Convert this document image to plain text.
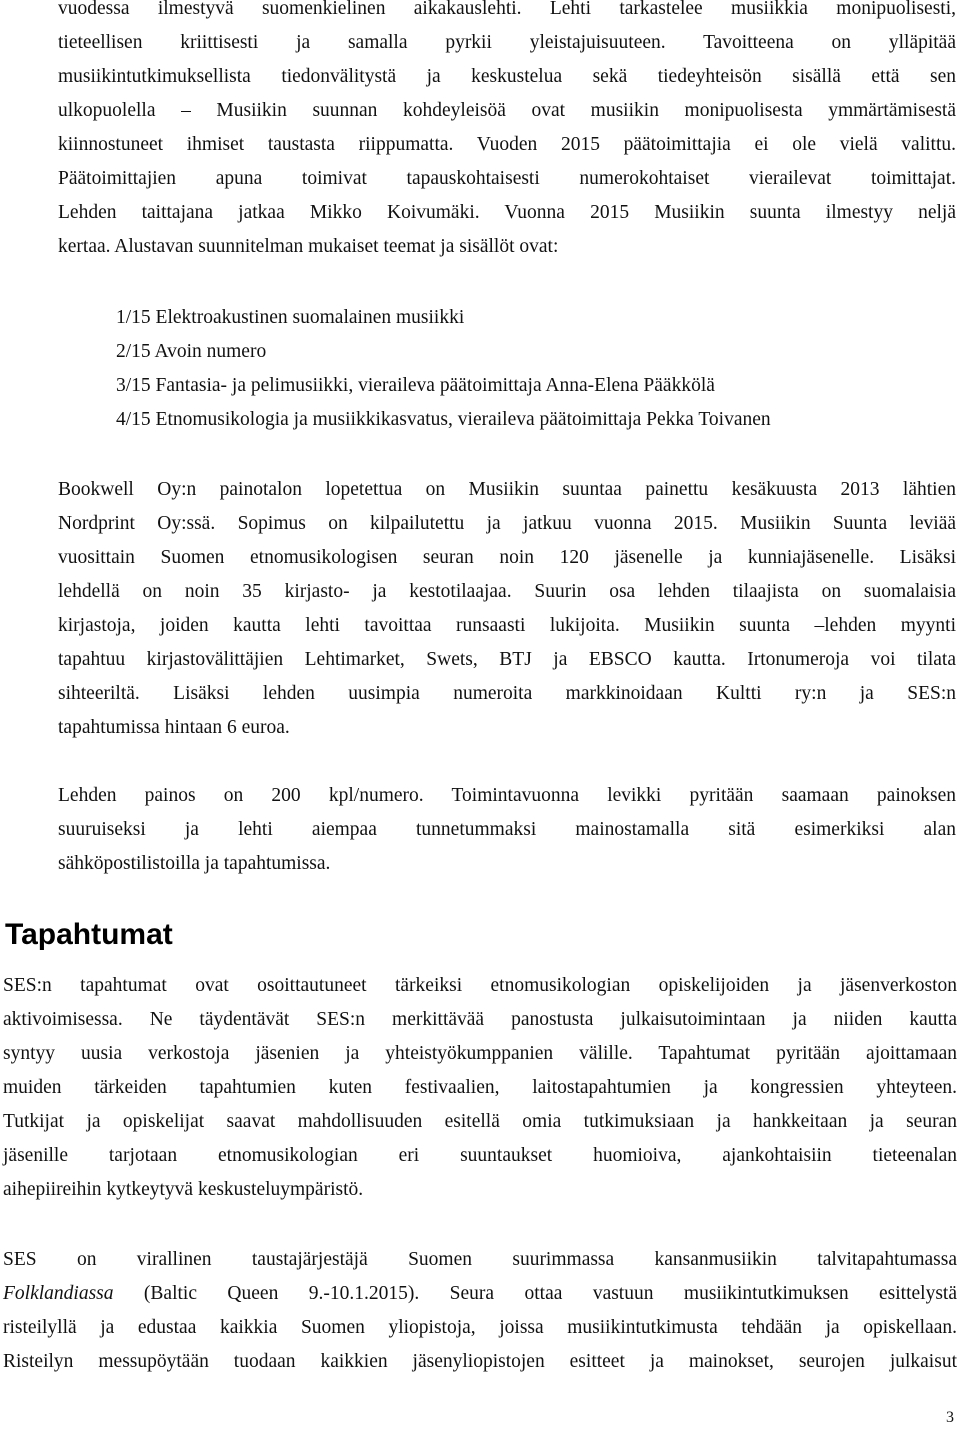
vuodessa ilmestyvä suomenkielinen aikakauslehti. Lehti tarkastelee musiikkia monipuolisesti,
tieteellisen kriittisesti ja samalla pyrkii yleistajuisuuteen. Tavoitteena on ylläpitää
musiikintutkimuksellista tiedonvälitystä ja keskustelua sekä tiedeyhteisön sisällä että sen
ulkopuolella – Musiikin suunnan kohdeyleisöä ovat musiikin monipuolisesta ymmärtämisestä
kiinnostuneet ihmiset taustasta riippumatta. Vuoden 2015 päätoimittajia ei ole vielä valittu.
Päätoimittajien apuna toimivat tapauskohtaisesti numerokohtaiset vierailevat toimittajat.
Lehden taittajana jatkaa Mikko Koivumäki. Vuonna 2015 Musiikin suunta ilmestyy neljä
kertaa. Alustavan suunnitelman mukaiset teemat ja sisällöt ovat:
1/15 Elektroakustinen suomalainen musiikki
2/15 Avoin numero
3/15 Fantasia- ja pelimusiikki, vieraileva päätoimittaja Anna-Elena Pääkkölä
4/15 Etnomusikologia ja musiikkikasvatus, vieraileva päätoimittaja Pekka Toivanen
Bookwell Oy:n painotalon lopetettua on Musiikin suuntaa painettu kesäkuusta 2013 lähtien
Nordprint Oy:ssä. Sopimus on kilpailutettu ja jatkuu vuonna 2015. Musiikin Suunta leviää
vuosittain Suomen etnomusikologisen seuran noin 120 jäsenelle ja kunniajäsenelle. Lisäksi
lehdellä on noin 35 kirjasto- ja kestotilaajaa. Suurin osa lehden tilaajista on suomalaisia
kirjastoja, joiden kautta lehti tavoittaa runsaasti lukijoita. Musiikin suunta –lehden myynti
tapahtuu kirjastovälittäjien Lehtimarket, Swets, BTJ ja EBSCO kautta. Irtonumeroja voi tilata
sihteeriltä. Lisäksi lehden uusimpia numeroita markkinoidaan Kultti ry:n ja SES:n
tapahtumissa hintaan 6 euroa.
Lehden painos on 200 kpl/numero. Toimintavuonna levikki pyritään saamaan painoksen
suuruiseksi ja lehti aiempaa tunnetummaksi mainostamalla sitä esimerkiksi alan
sähköpostilistoilla ja tapahtumissa.
Tapahtumat
SES:n tapahtumat ovat osoittautuneet tärkeiksi etnomusikologian opiskelijoiden ja jäsenverkoston
aktivoimisessa. Ne täydentävät SES:n merkittävää panostusta julkaisutoimintaan ja niiden kautta
syntyy uusia verkostoja jäsenien ja yhteistyökumppanien välille. Tapahtumat pyritään ajoittamaan
muiden tärkeiden tapahtumien kuten festivaalien, laitostapahtumien ja kongressien yhteyteen.
Tutkijat ja opiskelijat saavat mahdollisuuden esitellä omia tutkimuksiaan ja hankkeitaan ja seuran
jäsenille tarjotaan etnomusikologian eri suuntaukset huomioiva, ajankohtaisiin tieteenalan
aihepiireihin kytkeytyvä keskusteluympäristö.
SES on virallinen taustajärjestäjä Suomen suurimmassa kansanmusiikin talvitapahtumassa
Folklandiassa (Baltic Queen 9.-10.1.2015). Seura ottaa vastuun musiikintutkimuksen esittelystä
risteilyllä ja edustaa kaikkia Suomen yliopistoja, joissa musiikintutkimusta tehdään ja opiskellaan.
Risteilyn messupöytään tuodaan kaikkien jäsenyliopistojen esitteet ja mainokset, seurojen julkaisut
3
